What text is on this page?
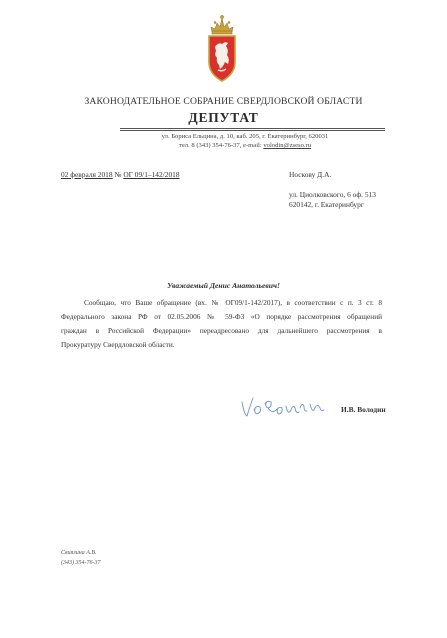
ЗАКОНОДАТЕЛЬНОЕ СОБРАНИЕ СВЕРДЛОВСКОЙ ОБЛАСТИ
ДЕПУТАТ
ул. Бориса Ельцина, д. 10, каб. 205, г. Екатеринбург, 620031
тел. 8 (343) 354-76-37, e-mail: volodin@zseso.ru
02 февраля 2018 № ОГ 09/1–142/2018	Носкову Д.А.
ул. Циолковского, 6 оф. 513
620142, г. Екатеринбург
Уважаемый Денис Анатольевич!
Сообщаю, что Ваше обращение (вх. № ОГ09/1-142/2017), в соответствии с п. 3 ст. 8
Федерального закона РФ от 02.05.2006 № 59-ФЗ «О порядке рассмотрения обращений
граждан в Российской Федерации» переадресовано для дальнейшего рассмотрения в
Прокуратуру Свердловской области.
И.В. Володин
Свиязина А.В.
(343) 354-76-37
